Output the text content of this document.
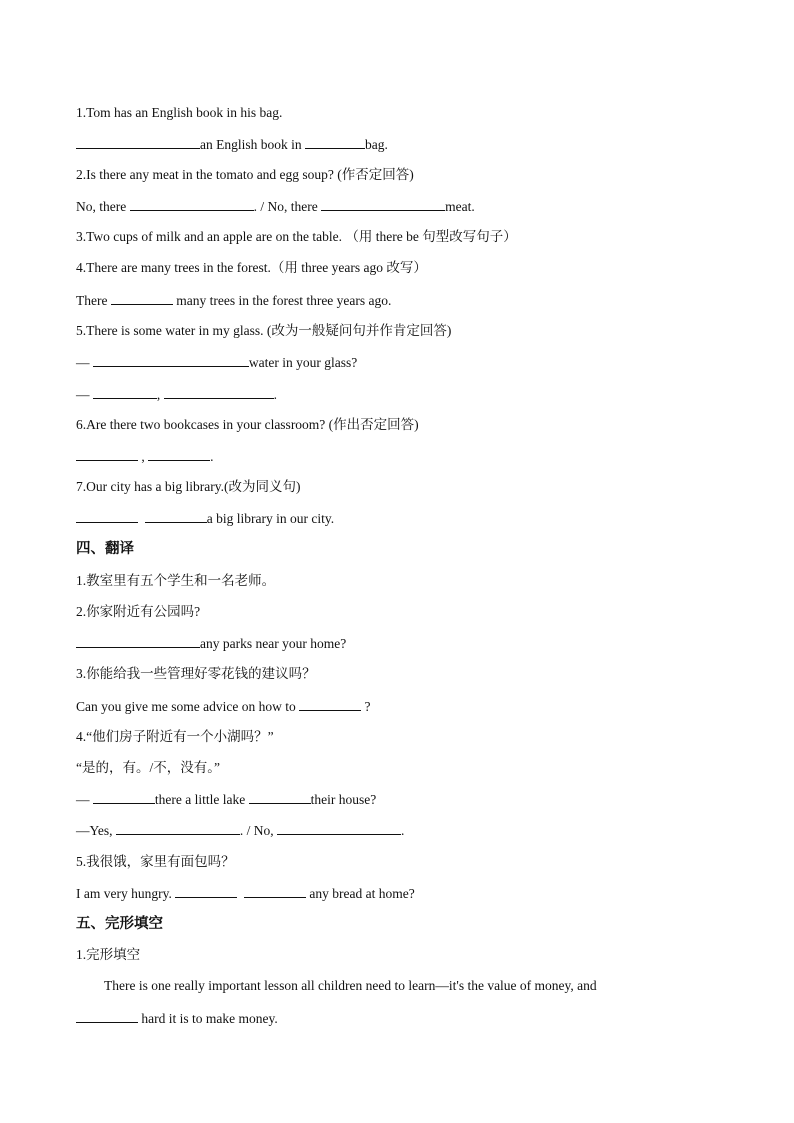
1.Tom has an English book in his bag.
an English book in	bag.
2.Is there any meat in the tomato and egg soup? (作否定回答)
No, there	. / No, there	meat.
3.Two cups of milk and an apple are on the table. （用 there be 句型改写句子）
4.There are many trees in the forest.（用 three years ago 改写）
There	many trees in the forest three years ago.
5.There is some water in my glass. (改为一般疑问句并作肯定回答)
—	water in your glass?
—	,	.
6.Are there two bookcases in your classroom? (作出否定回答)
,	.
7.Our city has a big library.(改为同义句)
a big library in our city.
四、翻译
1.教室里有五个学生和一名老师。
2.你家附近有公园吗?
any parks near your home?
3.你能给我一些管理好零花钱的建议吗？
Can you give me some advice on how to	?
4.“他们房子附近有一个小湖吗？”
“是的，有。/不，没有。”
—	there a little lake	their house?
—Yes,	. / No,	.
5.我很饿，家里有面包吗？
I am very hungry.	any bread at home?
五、完形填空
1.完形填空
There is one really important lesson all children need to learn—it's the value of money, and
hard it is to make money.
